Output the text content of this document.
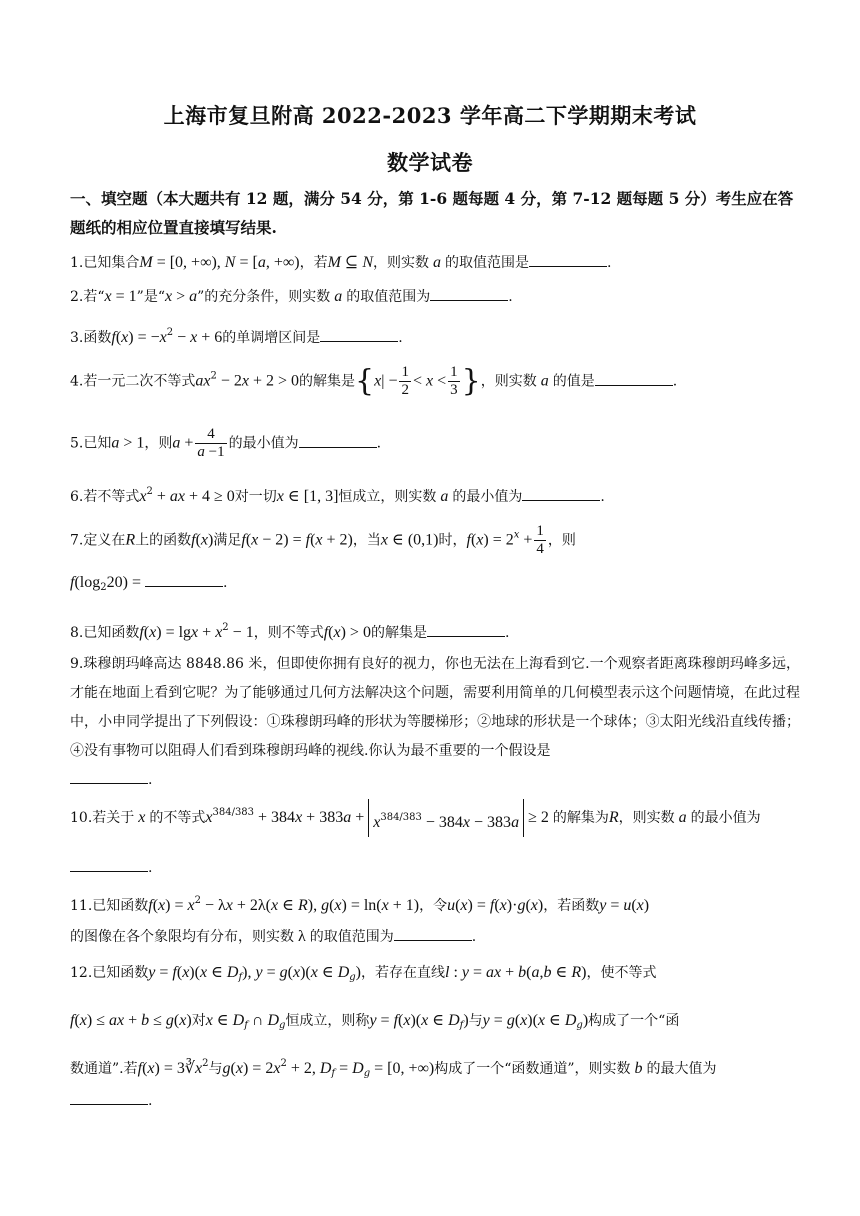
上海市复旦附高 2022-2023 学年高二下学期期末考试
数学试卷
一、填空题（本大题共有 12 题，满分 54 分，第 1-6 题每题 4 分，第 7-12 题每题 5 分）考生应在答题纸的相应位置直接填写结果.
1.已知集合M = [0, +∞), N = [a, +∞)，若M ⊆ N，则实数 a 的取值范围是	.
2.若“x = 1”是“x > a”的充分条件，则实数 a 的取值范围为	.
3.函数$f(x) = -x^2 - x + 6$的单调增区间是	.
4.若一元二次不等式$ax^2 - 2x + 2 > 0$的解集是{$x| - \frac{1}{2} < x < \frac{1}{3}$ }，则实数 a 的值是	.
5.已知a > 1，则$a + \frac{4}{a -1}$ 的最小值为	.
6.若不等式$x^2$ + ax + 4 ≥ 0对一切x ∈ [1, 3]恒成立，则实数 a 的最小值为	.
7.定义在R上的函数f(x)满足f(x − 2) = f(x + 2)，当x ∈ (0,1)时，$f(x) = 2^x + \frac{1}{4}$ ，则
$f(\log_220)$ =	.
8.已知函数$f(x) = \lg x + x^2 - 1$，则不等式f(x) > 0的解集是	.
9.珠穆朗玛峰高达 8848.86 米，但即使你拥有良好的视力，你也无法在上海看到它.一个观察者距离珠穆朗玛峰多远，才能在地面上看到它呢？为了能够通过几何方法解决这个问题，需要利用简单的几何模型表示这个问题情境，在此过程中，小申同学提出了下列假设：①珠穆朗玛峰的形状为等腰梯形；②地球的形状是一个球体；③太阳光线沿直线传播；④没有事物可以阻碍人们看到珠穆朗玛峰的视线.你认为最不重要的一个假设是
.
10.若关于 x 的不等式$x^{384/383} + 384x + 383a + x^{384/383} - 384x - 383a \ge 2$ 的解集为R，则实数 a 的最小值为
.
11.已知函数$f(x) = x^2 - \lambda x + 2\lambda(x$ ∈ R), g(x) = ln(x + 1)，令u(x) = f(x)·g(x)，若函数y = u(x)
的图像在各个象限均有分布，则实数 λ 的取值范围为	.
12.已知函数y = f(x)(x ∈ $D_f$), y = g(x)(x ∈ $D_g$)，若存在直线l : y = ax + b(a,b ∈ R)，使不等式
f(x) ≤ ax + b ≤ g(x)对x ∈ $D_f$ ∩ $D_g$恒成立，则称y = f(x)(x ∈ $D_f$)与y = g(x)(x ∈ $D_g$)构成了一个“函
数通道”.若$f(x) = 3∛x^2$与$g(x) = 2x^2 + 2$, $D_f = D_g = [0$, +∞)构成了一个“函数通道”，则实数 b 的最大值为
.
